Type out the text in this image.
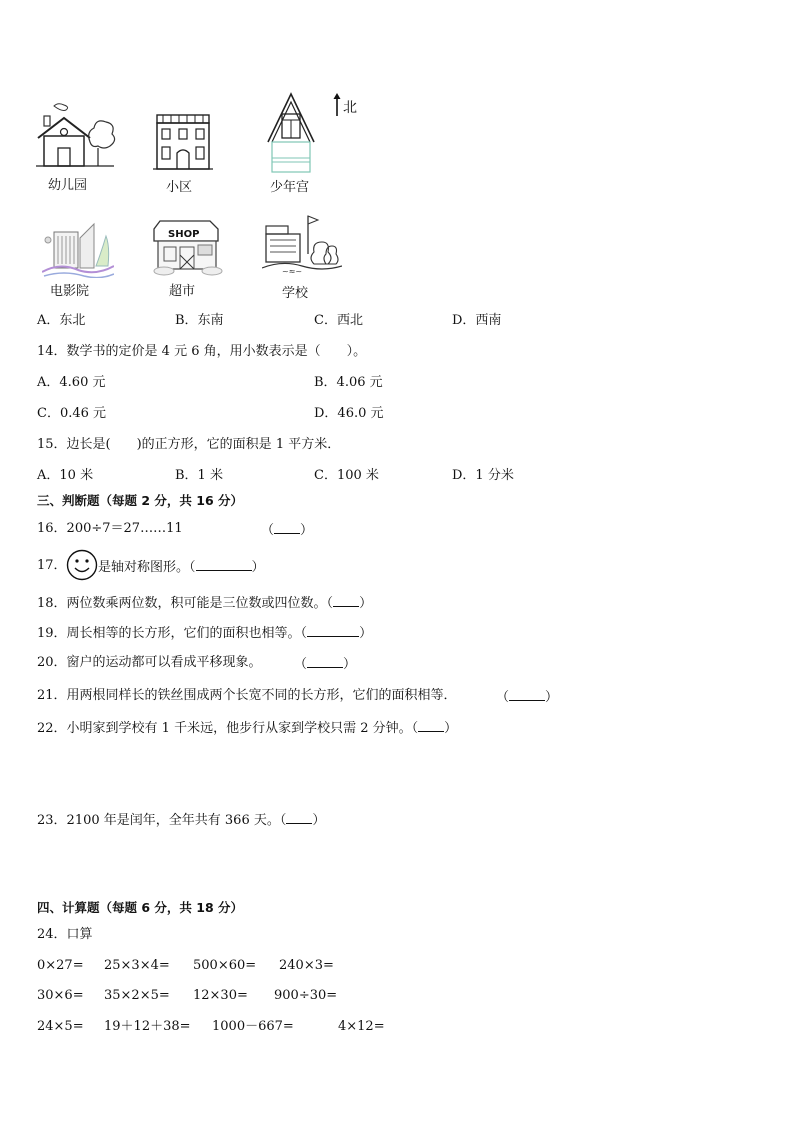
北
幼儿园	小区	少年宫
电影院
SHOP
超市
~≈~
学校
A．东北	B．东南	C．西北	D．西南
14．数学书的定价是 4 元 6 角，用小数表示是（　　）。
A．4.60 元	B．4.06 元
C．0.46 元	D．46.0 元
15．边长是(　　)的正方形，它的面积是 1 平方米．
A．10 米	B．1 米	C．100 米	D．1 分米
三、判断题（每题 2 分，共 16 分）
16．200÷7＝27……11	（ ）
17． 是轴对称图形。（	）
18．两位数乘两位数，积可能是三位数或四位数。（ ）
19．周长相等的长方形，它们的面积也相等。（	）
20．窗户的运动都可以看成平移现象。 （	）
21．用两根同样长的铁丝围成两个长宽不同的长方形，它们的面积相等．	（	）
22．小明家到学校有 1 千米远，他步行从家到学校只需 2 分钟。（ ）
23．2100 年是闰年，全年共有 366 天。（ ）
四、计算题（每题 6 分，共 18 分）
24．口算
0×27= 25×3×4= 500×60= 240×3=
30×6= 35×2×5= 12×30= 900÷30=
24×5= 19＋12＋38= 1000－667=	4×12=
